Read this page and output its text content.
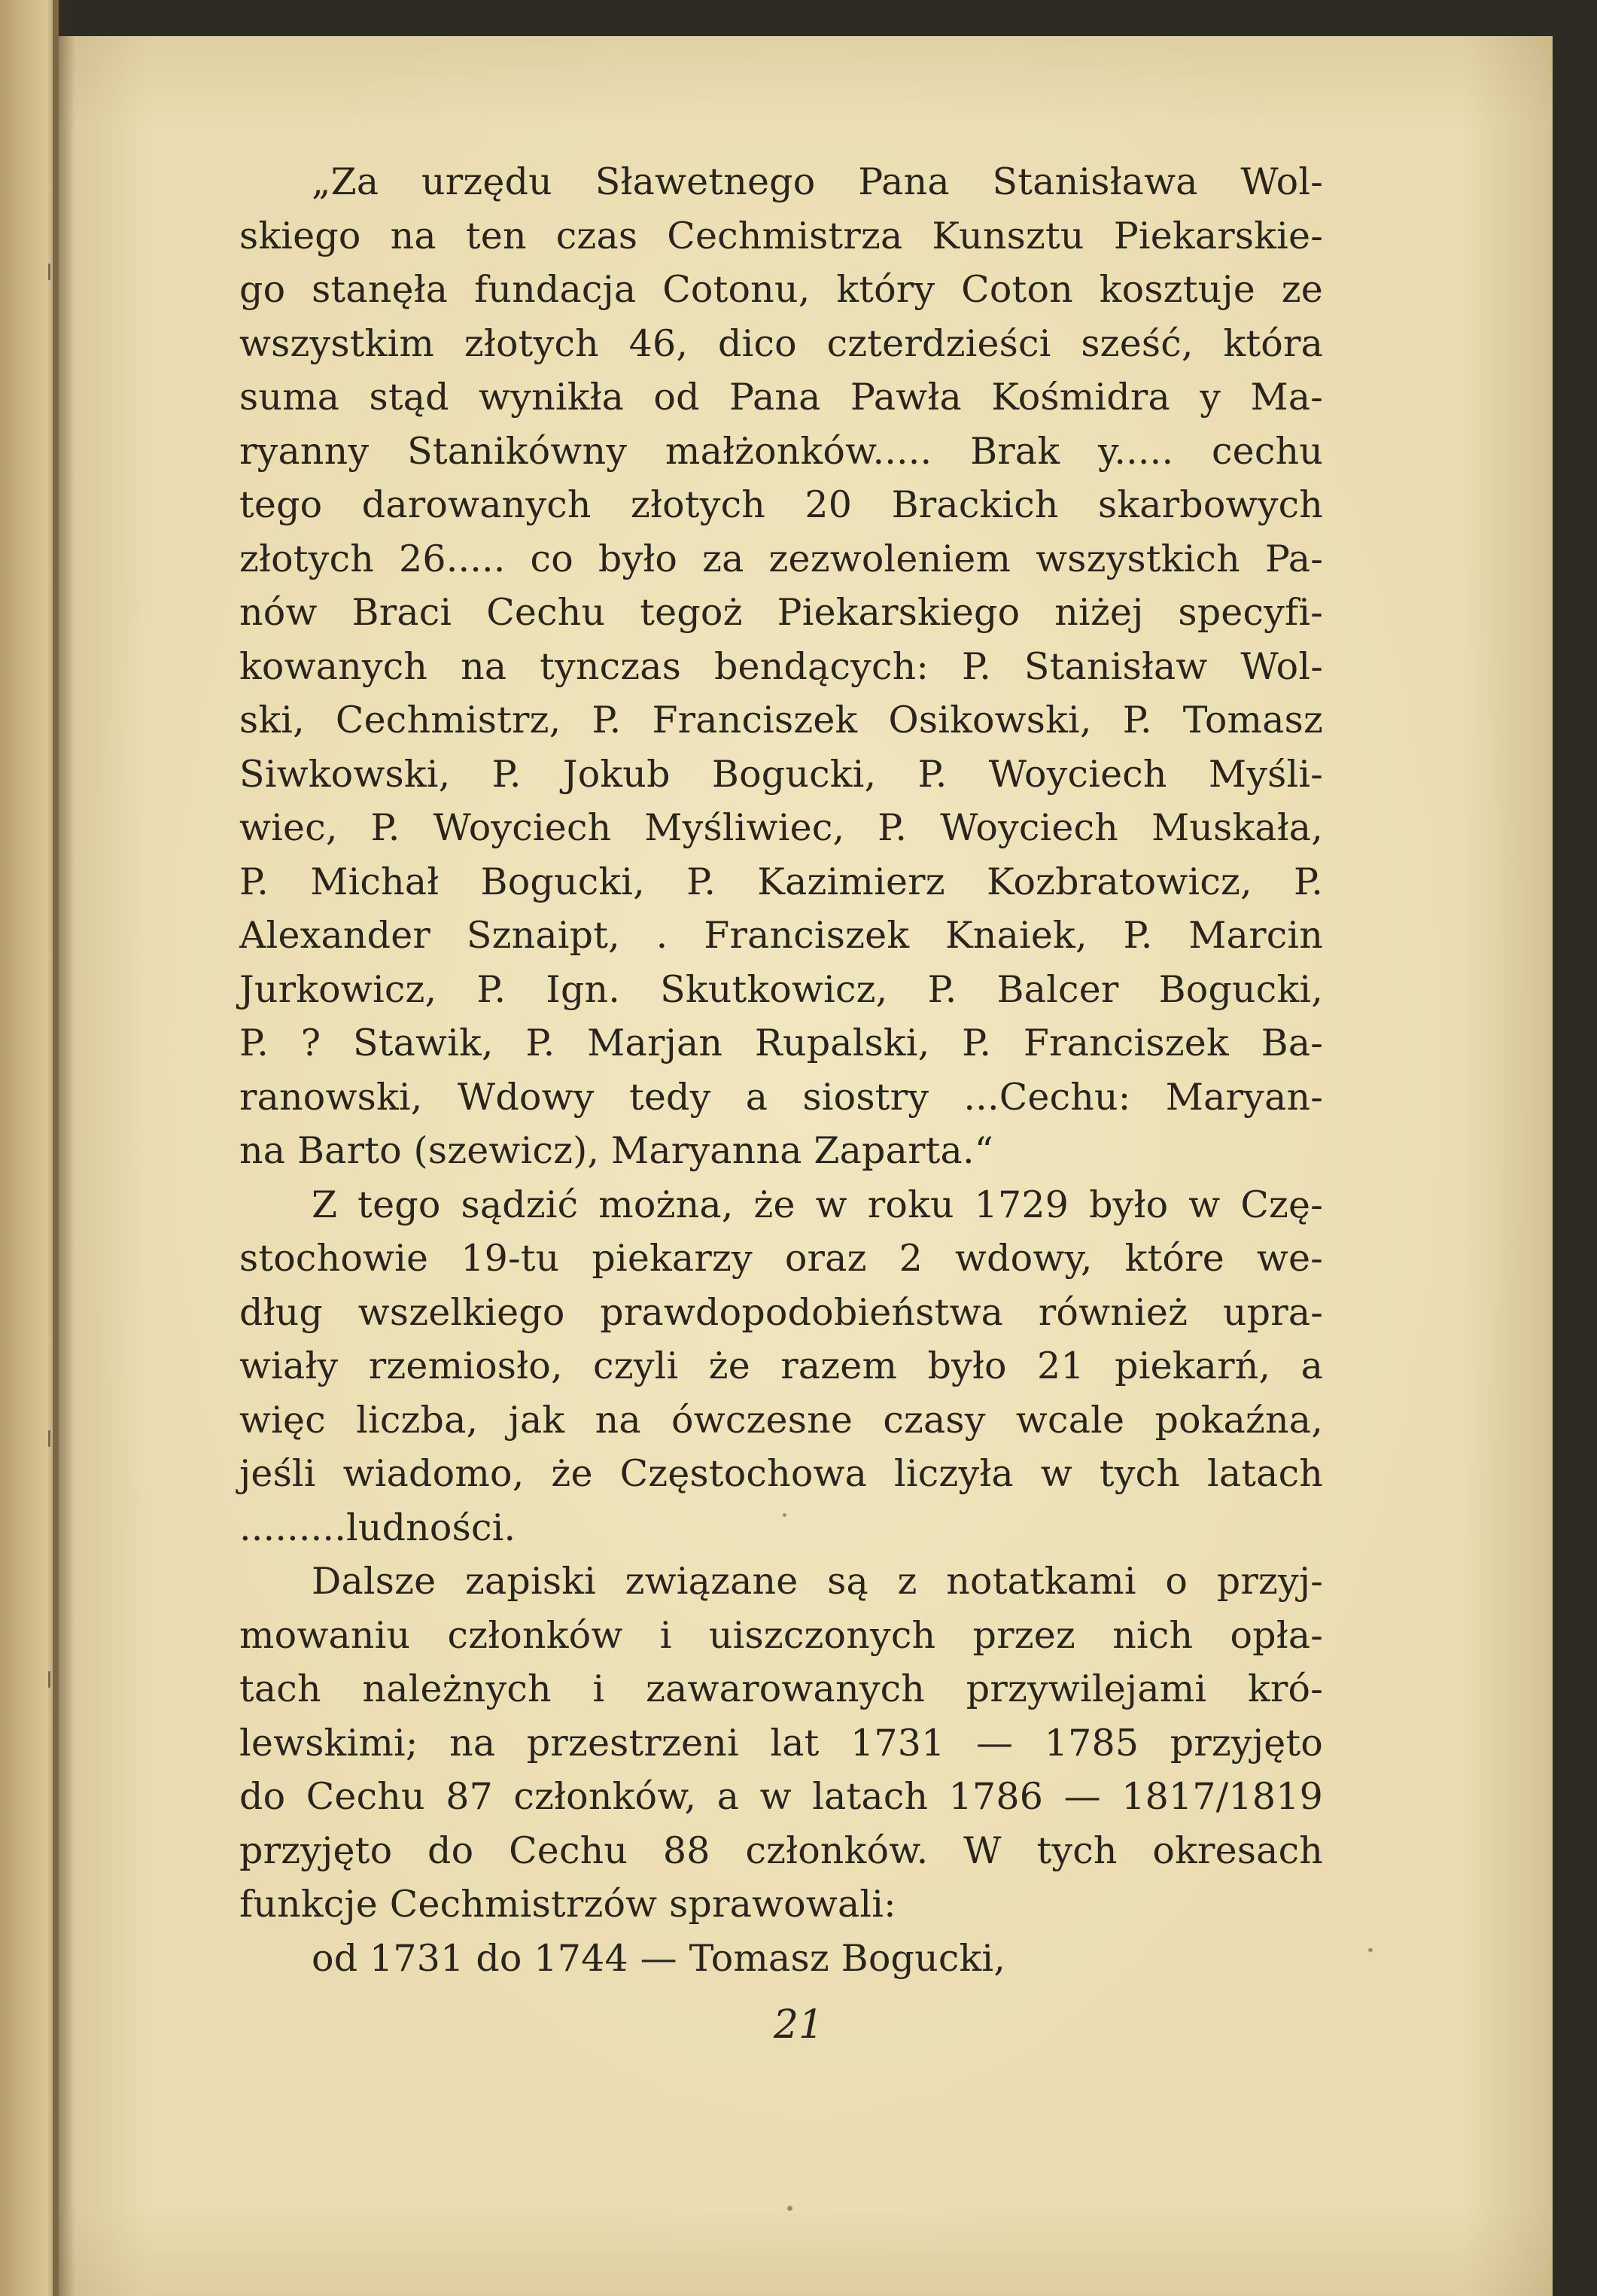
„Za urzędu Sławetnego Pana Stanisława Wol-
skiego na ten czas Cechmistrza Kunsztu Piekarskie-
go stanęła fundacja Cotonu, który Coton kosztuje ze
wszystkim złotych 46, dico czterdzieści sześć, która
suma stąd wynikła od Pana Pawła Kośmidra y Ma-
ryanny Stanikówny małżonków..... Brak y..... cechu
tego darowanych złotych 20 Brackich skarbowych
złotych 26..... co było za zezwoleniem wszystkich Pa-
nów Braci Cechu tegoż Piekarskiego niżej specyfi-
kowanych na tynczas bendących: P. Stanisław Wol-
ski, Cechmistrz, P. Franciszek Osikowski, P. Tomasz
Siwkowski, P. Jokub Bogucki, P. Woyciech Myśli-
wiec, P. Woyciech Myśliwiec, P. Woyciech Muskała,
P. Michał Bogucki, P. Kazimierz Kozbratowicz, P.
Alexander Sznaipt, . Franciszek Knaiek, P. Marcin
Jurkowicz, P. Ign. Skutkowicz, P. Balcer Bogucki,
P. ? Stawik, P. Marjan Rupalski, P. Franciszek Ba-
ranowski, Wdowy tedy a siostry ...Cechu: Maryan-
na Barto (szewicz), Maryanna Zaparta.“
Z tego sądzić można, że w roku 1729 było w Czę-
stochowie 19-tu piekarzy oraz 2 wdowy, które we-
dług wszelkiego prawdopodobieństwa również upra-
wiały rzemiosło, czyli że razem było 21 piekarń, a
więc liczba, jak na ówczesne czasy wcale pokaźna,
jeśli wiadomo, że Częstochowa liczyła w tych latach
.........ludności.
Dalsze zapiski związane są z notatkami o przyj-
mowaniu członków i uiszczonych przez nich opła-
tach należnych i zawarowanych przywilejami kró-
lewskimi; na przestrzeni lat 1731 — 1785 przyjęto
do Cechu 87 członków, a w latach 1786 — 1817/1819
przyjęto do Cechu 88 członków. W tych okresach
funkcje Cechmistrzów sprawowali:
od 1731 do 1744 — Tomasz Bogucki,
21
